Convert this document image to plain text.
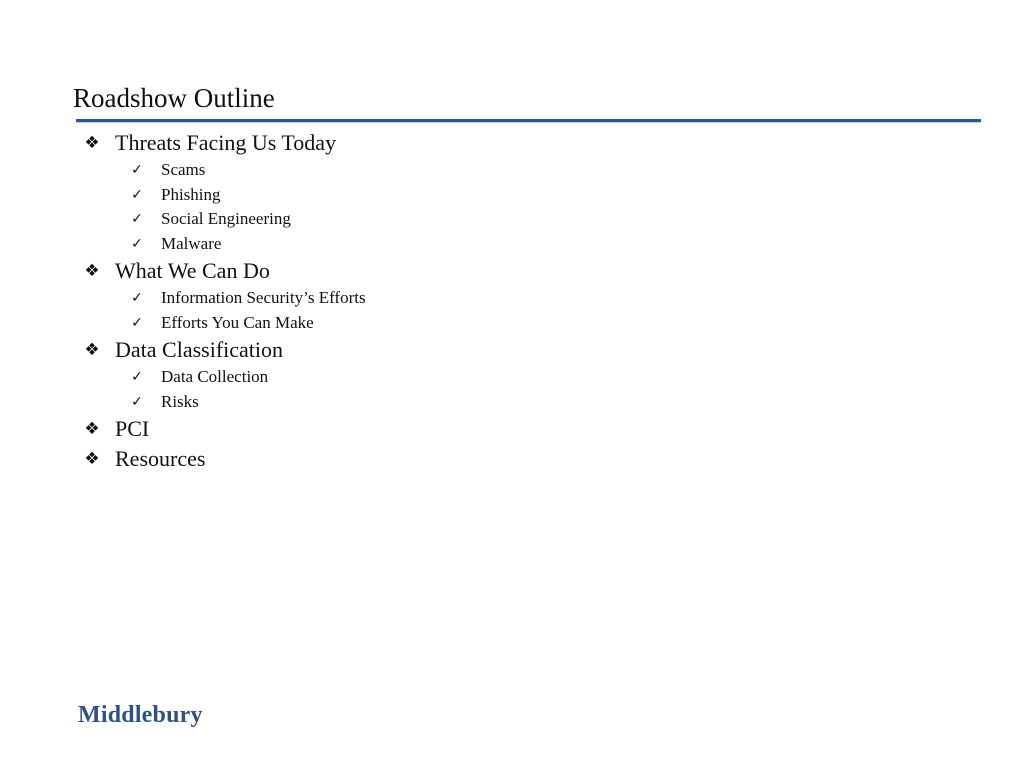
Roadshow Outline
❖ Threats Facing Us Today
✓ Scams
✓ Phishing
✓ Social Engineering
✓ Malware
❖ What We Can Do
✓ Information Security’s Efforts
✓ Efforts You Can Make
❖ Data Classification
✓ Data Collection
✓ Risks
❖ PCI
❖ Resources
Middlebury
